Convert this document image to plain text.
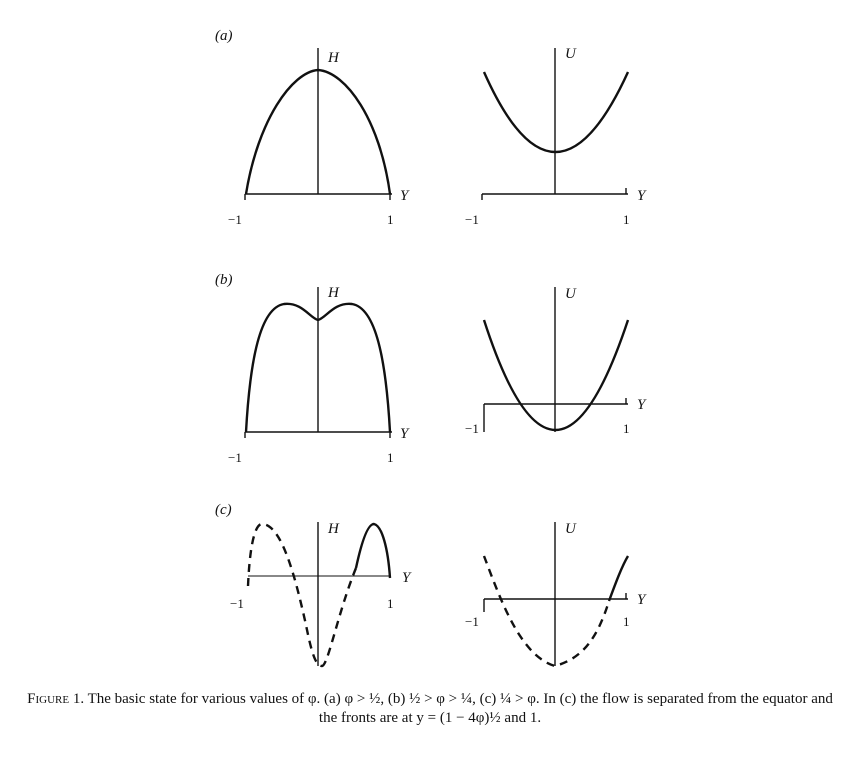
(a)
H
Y
−1	1
U
Y
−1	1
(b)
H
Y
−1	1
U
Y
−1	1
(c)
H
Y
−1	1
U
Y
−1	1
Figure 1. The basic state for various values of φ. (a) φ > ½, (b) ½ > φ > ¼, (c) ¼ > φ. In (c) the flow is separated from the equator and the fronts are at y = (1 − 4φ)½ and 1.
